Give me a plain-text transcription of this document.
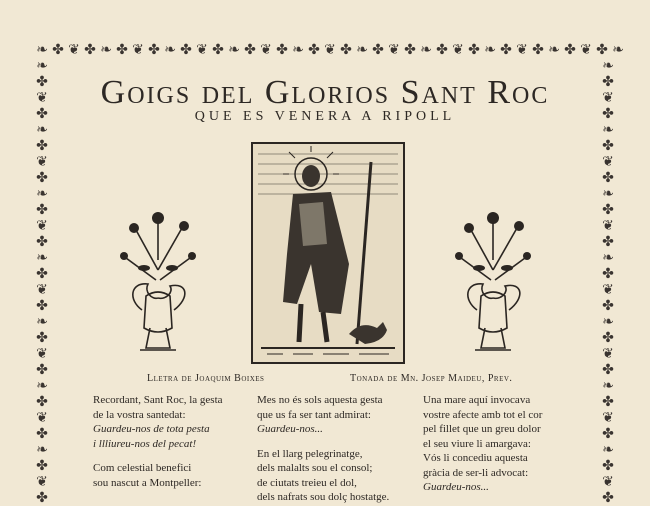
❧ ✤ ❦ ✤ ❧ ✤ ❦ ✤ ❧ ✤ ❦ ✤ ❧ ✤ ❦ ✤ ❧ ✤ ❦ ✤ ❧ ✤ ❦ ✤ ❧ ✤ ❦ ✤ ❧ ✤ ❦ ✤ ❧ ✤ ❦ ✤ ❧
❧
✤
❦
✤
❧
✤
❦
✤
❧
✤
❦
✤
❧
✤
❦
✤
❧
✤
❦
✤
❧
✤
❦
✤
❧
✤
❦
✤
❧
✤
❦
✤
❧
✤
❦
✤
❧
✤
❦
✤
❧
✤
❦
✤
❧
✤
❦
✤
❧
✤
❦
✤
❧
✤
❦
✤
Goigs del Glorios Sant Roc
QUE ES VENERA A RIPOLL
Lletra de Joaquim Boixes	Tonada de Mn. Josep Maideu, Prev.

Recordant, Sant Roc, la gesta

de la vostra santedat:

Guardeu-nos de tota pesta

i llliureu-nos del pecat!

Com celestial benefici

sou nascut a Montpeller:

Mes no és sols aquesta gesta

que us fa ser tant admirat:

Guardeu-nos...

En el llarg pelegrinatge,

dels malalts sou el consol;

de ciutats treieu el dol,

dels nafrats sou dolç hostatge.

Una mare aquí invocava

vostre afecte amb tot el cor

pel fillet que un greu dolor

el seu viure li amargava:

Vós li concediu aquesta

gràcia de ser-li advocat:

Guardeu-nos...
